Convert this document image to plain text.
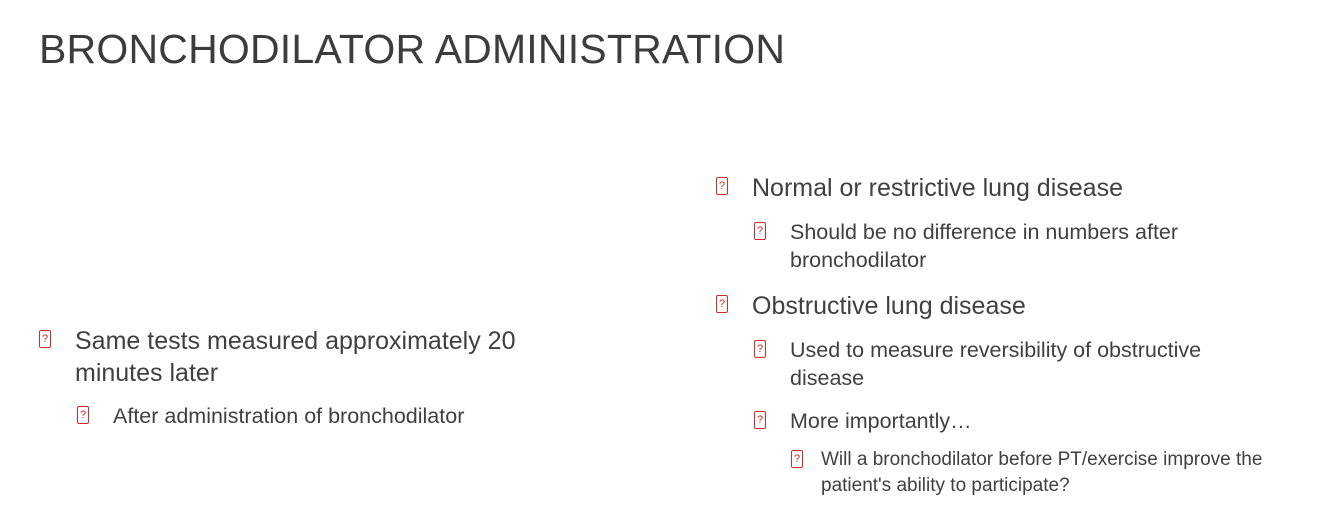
BRONCHODILATOR ADMINISTRATION
? Same tests measured approximately 20 minutes later
? After administration of bronchodilator
? Normal or restrictive lung disease
? Should be no difference in numbers after bronchodilator
? Obstructive lung disease
? Used to measure reversibility of obstructive disease
? More importantly…
? Will a bronchodilator before PT/exercise improve the patient's ability to participate?
